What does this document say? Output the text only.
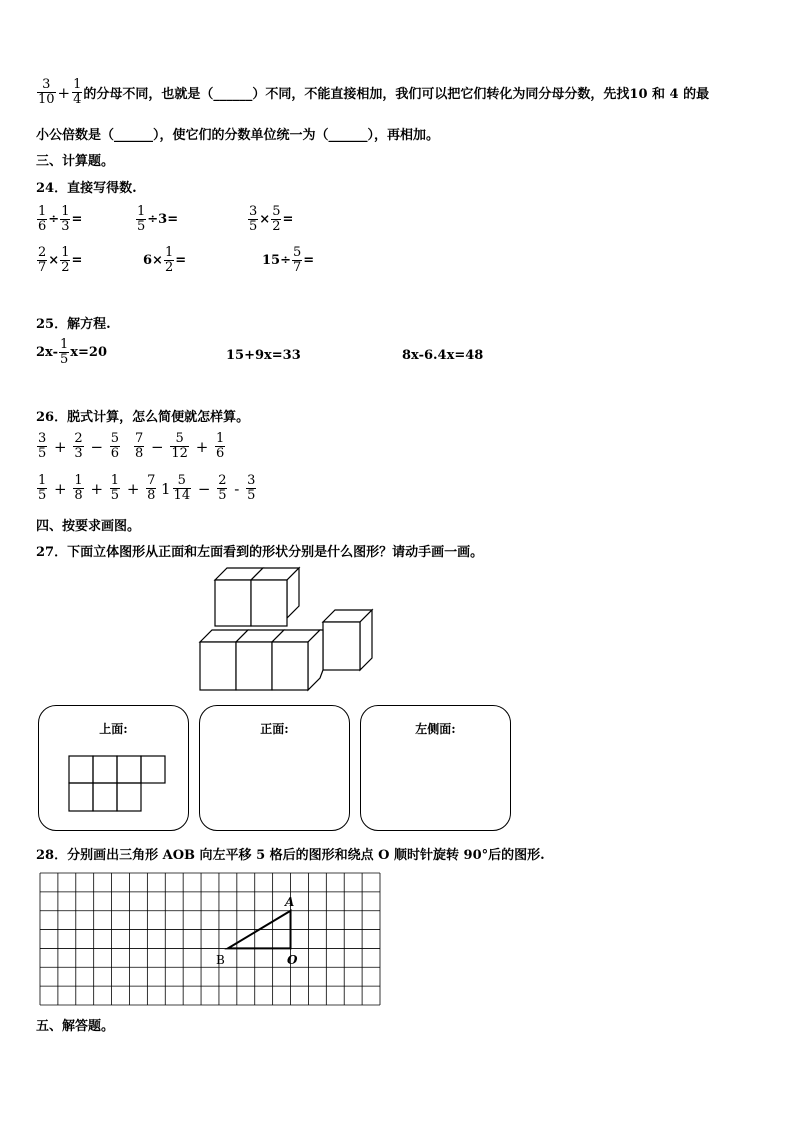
$\frac{3}{10} + \frac{1}{4}$ 的分母不同，也就是（______）不同，不能直接相加，我们可以把它们转化为同分母分数，先找10 和 4 的最
小公倍数是（______），使它们的分数单位统一为（______），再相加。
三、计算题。
24．直接写得数.
$\frac{1}{6} \div \frac{1}{3}$ =	$\frac{1}{5} \div 3=$	$\frac{3}{5} \times \frac{5}{2}$ =
$\frac{2}{7} \times \frac{1}{2}$ =	$6\times \frac{1}{2}$ =	$15\div \frac{5}{7}$ =
25．解方程.
$2x- \frac{1}{5} x=20$	15+9x=33	8x-6.4x=48
26．脱式计算，怎么简便就怎样算。
$\frac{3}{5} + \frac{2}{3} - \frac{5}{6} \frac{7}{8} - \frac{5}{12} + \frac{1}{6}$
$\frac{1}{5} + \frac{1}{8} + \frac{1}{5} + \frac{7}{8} 1 \frac{5}{14} - \frac{2}{5} - \frac{3}{5}$
四、按要求画图。
27．下面立体图形从正面和左面看到的形状分别是什么图形？请动手画一画。
上面:	正面:	左侧面:
28．分别画出三角形 AOB 向左平移 5 格后的图形和绕点 O 顺时针旋转 90°后的图形.
A
B	O
五、解答题。
